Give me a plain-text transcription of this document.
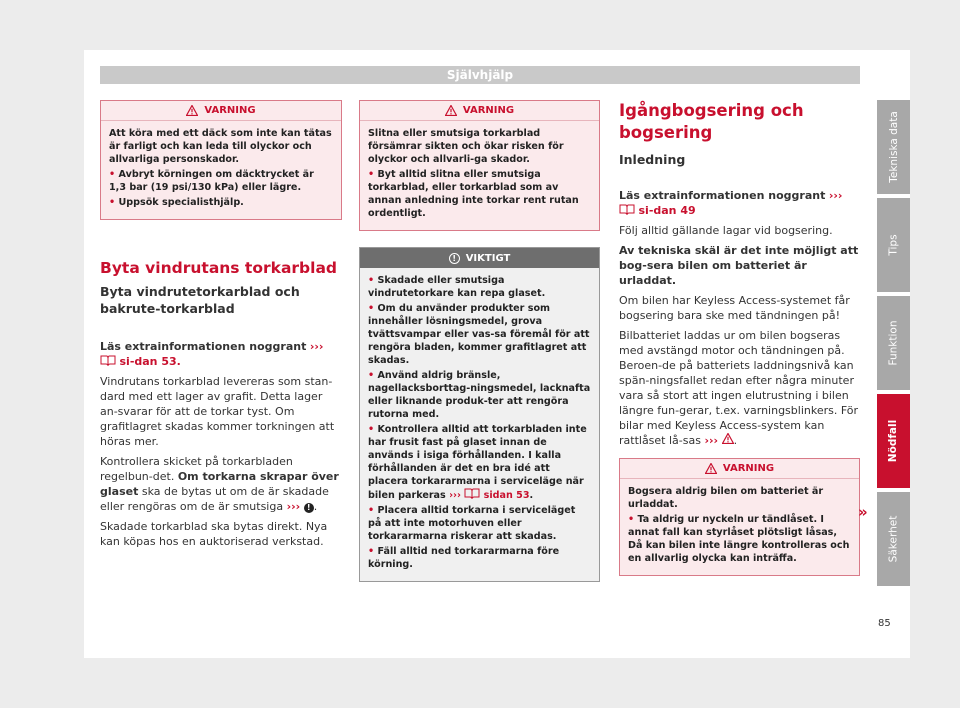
Självhjälp
VARNING

Att köra med ett däck som inte kan tätas är farligt och kan leda till olyckor och allvarliga personskador.

• Avbryt körningen om däcktrycket är 1,3 bar (19 psi/130 kPa) eller lägre.

• Uppsök specialisthjälp.

Byta vindrutans torkarblad
Byta vindrutetorkarblad och bakrute-torkarblad
Läs extrainformationen noggrant ›››  si-dan 53.

Vindrutans torkarblad levereras som stan-dard med ett lager av grafit. Detta lager an-svarar för att de torkar tyst. Om grafitlagret skadas kommer torkningen att höras mer.

Kontrollera skicket på torkarbladen regelbun-det. Om torkarna skrapar över glaset ska de bytas ut om de är skadade eller rengöras om de är smutsiga ››› ! .

Skadade torkarblad ska bytas direkt. Nya kan köpas hos en auktoriserad verkstad.

VARNING

Slitna eller smutsiga torkarblad försämrar sikten och ökar risken för olyckor och allvarli-ga skador.

• Byt alltid slitna eller smutsiga torkarblad, eller torkarblad som av annan anledning inte torkar rent rutan ordentligt.

! VIKTIGT

• Skadade eller smutsiga vindrutetorkare kan repa glaset.

• Om du använder produkter som innehåller lösningsmedel, grova tvättsvampar eller vas-sa föremål för att rengöra bladen, kommer grafitlagret att skadas.

• Använd aldrig bränsle, nagellacksborttag-ningsmedel, lacknafta eller liknande produk-ter att rengöra rutorna med.

• Kontrollera alltid att torkarbladen inte har frusit fast på glaset innan de används i isiga förhållanden. I kalla förhållanden är det en bra idé att placera torkararmarna i serviceläge när bilen parkeras ››› sidan 53.

• Placera alltid torkarna i serviceläget på att inte motorhuven eller torkararmarna riskerar att skadas.

• Fäll alltid ned torkararmarna före körning.

Igångbogsering och bogsering
Inledning
Läs extrainformationen noggrant ›››  si-dan 49

Följ alltid gällande lagar vid bogsering.

Av tekniska skäl är det inte möjligt att bog-sera bilen om batteriet är urladdat.

Om bilen har Keyless Access-systemet får bogsering bara ske med tändningen på!

Bilbatteriet laddas ur om bilen bogseras med avstängd motor och tändningen på. Beroen-de på batteriets laddningsnivå kan spän-ningsfallet redan efter några minuter vara så stort att ingen elutrustning i bilen längre fun-gerar, t.ex. varningsblinkers. För bilar med Keyless Access-system kan rattlåset lå-sas ››› .

VARNING

Bogsera aldrig bilen om batteriet är urladdat.

• Ta aldrig ur nyckeln ur tändlåset. I annat fall kan styrlåset plötsligt låsas, Då kan bilen inte längre kontrolleras och en allvarlig olycka kan inträffa.

»
Tekniska data
Tips
Funktion
Nödfall
Säkerhet
85
